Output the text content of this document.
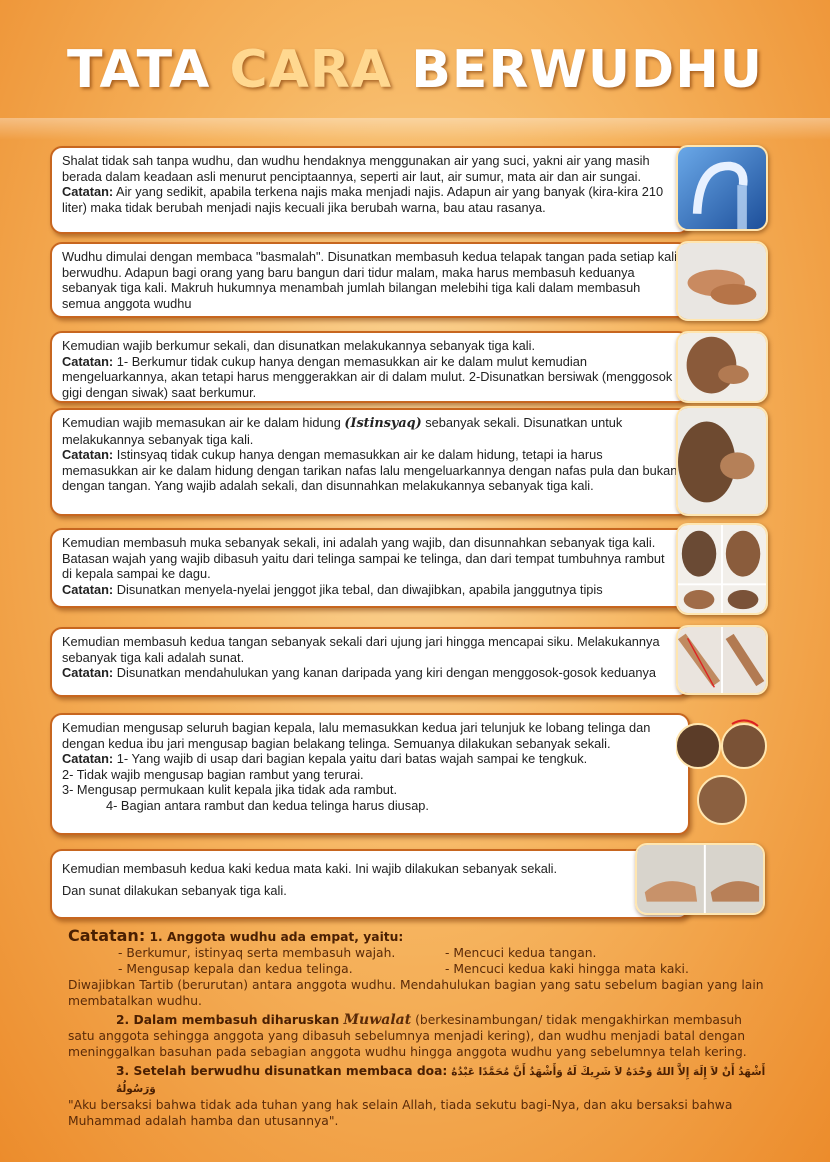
TATA CARA BERWUDHU

Shalat tidak sah tanpa wudhu, dan wudhu hendaknya menggunakan air yang suci, yakni air yang masih berada dalam keadaan asli menurut penciptaannya, seperti air laut, air sumur, mata air dan air sungai.

Catatan: Air yang sedikit, apabila terkena najis maka menjadi najis. Adapun air yang banyak (kira-kira 210 liter) maka tidak berubah menjadi najis kecuali jika berubah warna, bau atau rasanya.

Wudhu dimulai dengan membaca "basmalah". Disunatkan membasuh kedua telapak tangan pada setiap kali berwudhu. Adapun bagi orang yang baru bangun dari tidur malam, maka harus membasuh keduanya sebanyak tiga kali. Makruh hukumnya menambah jumlah bilangan melebihi tiga kali dalam membasuh semua anggota wudhu

Kemudian wajib berkumur sekali, dan disunatkan melakukannya sebanyak tiga kali.

Catatan: 1- Berkumur tidak cukup hanya dengan memasukkan air ke dalam mulut kemudian mengeluarkannya, akan tetapi harus menggerakkan air di dalam mulut. 2-Disunatkan bersiwak (menggosok gigi dengan siwak) saat berkumur.

Kemudian wajib memasukan air ke dalam hidung (Istinsyaq) sebanyak sekali. Disunatkan untuk melakukannya sebanyak tiga kali.

Catatan: Istinsyaq tidak cukup hanya dengan memasukkan air ke dalam hidung, tetapi ia harus memasukkan air ke dalam hidung dengan tarikan nafas lalu mengeluarkannya dengan nafas pula dan bukan dengan tangan. Yang wajib adalah sekali, dan disunnahkan melakukannya sebanyak tiga kali.

Kemudian membasuh muka sebanyak sekali, ini adalah yang wajib, dan disunnahkan sebanyak tiga kali. Batasan wajah yang wajib dibasuh yaitu dari telinga sampai ke telinga, dan dari tempat tumbuhnya rambut di kepala sampai ke dagu.

Catatan: Disunatkan menyela-nyelai jenggot jika tebal, dan diwajibkan, apabila janggutnya tipis

Kemudian membasuh kedua tangan sebanyak sekali dari ujung jari hingga mencapai siku. Melakukannya sebanyak tiga kali adalah sunat.

Catatan: Disunatkan mendahulukan yang kanan daripada yang kiri dengan menggosok-gosok keduanya

Kemudian mengusap seluruh bagian kepala, lalu memasukkan kedua jari telunjuk ke lobang telinga dan dengan kedua ibu jari mengusap bagian belakang telinga. Semuanya dilakukan sebanyak sekali.

Catatan: 1- Yang wajib di usap dari bagian kepala yaitu dari batas wajah sampai ke tengkuk.

2- Tidak wajib mengusap bagian rambut yang terurai.

3- Mengusap permukaan kulit kepala jika tidak ada rambut.

4- Bagian antara rambut dan kedua telinga harus diusap.

Kemudian membasuh kedua kaki kedua mata kaki. Ini wajib dilakukan sebanyak sekali.

Dan sunat dilakukan sebanyak tiga kali.

Catatan: 1. Anggota wudhu ada empat, yaitu:
- Berkumur, istinyaq serta membasuh wajah.	- Mencuci kedua tangan.
- Mengusap kepala dan kedua telinga.	- Mencuci kedua kaki hingga mata kaki.
Diwajibkan Tartib (berurutan) antara anggota wudhu. Mendahulukan bagian yang satu sebelum bagian yang lain membatalkan wudhu.
2. Dalam membasuh diharuskan Muwalat (berkesinambungan/ tidak mengakhirkan membasuh
satu anggota sehingga anggota yang dibasuh sebelumnya menjadi kering), dan wudhu menjadi batal dengan meninggalkan basuhan pada sebagian anggota wudhu hingga anggota wudhu yang sebelumnya telah kering.
3. Setelah berwudhu disunatkan membaca doa: أَشْهَدُ أَنْ لاَ إِلَهَ إِلاَّ اللهُ وَحْدَهُ لاَ شَرِيكَ لَهُ وَأَشْهَدُ أَنَّ مُحَمَّدًا عَبْدُهُ وَرَسُولُهُ
"Aku bersaksi bahwa tidak ada tuhan yang hak selain Allah, tiada sekutu bagi-Nya, dan aku bersaksi bahwa Muhammad adalah hamba dan utusannya".
